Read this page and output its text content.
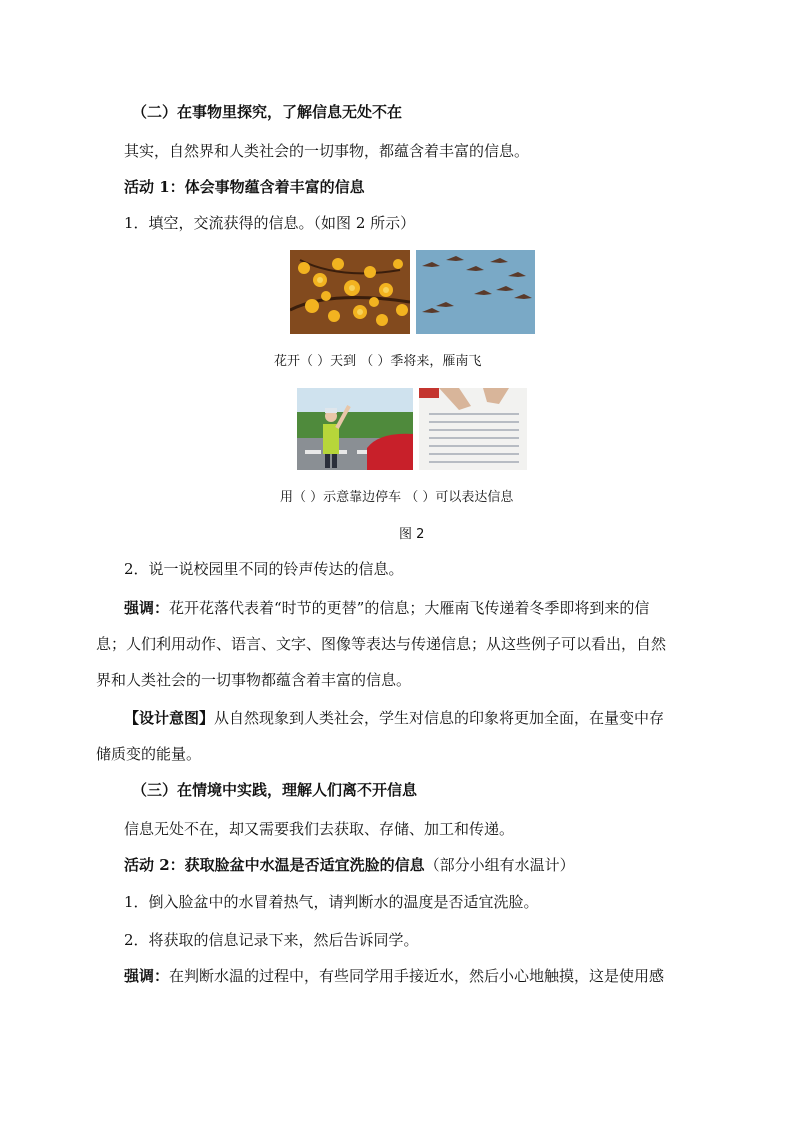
（二）在事物里探究，了解信息无处不在
其实，自然界和人类社会的一切事物，都蕴含着丰富的信息。
活动 1：体会事物蕴含着丰富的信息
1．填空，交流获得的信息。（如图 2 所示）
花开（ ）天到 （ ）季将来，雁南飞
用（ ）示意靠边停车 （ ）可以表达信息
图 2
2．说一说校园里不同的铃声传达的信息。
强调：花开花落代表着“时节的更替”的信息；大雁南飞传递着冬季即将到来的信
息；人们利用动作、语言、文字、图像等表达与传递信息；从这些例子可以看出，自然
界和人类社会的一切事物都蕴含着丰富的信息。
【设计意图】从自然现象到人类社会，学生对信息的印象将更加全面，在量变中存
储质变的能量。
（三）在情境中实践，理解人们离不开信息
信息无处不在，却又需要我们去获取、存储、加工和传递。
活动 2：获取脸盆中水温是否适宜洗脸的信息（部分小组有水温计）
1．倒入脸盆中的水冒着热气，请判断水的温度是否适宜洗脸。
2．将获取的信息记录下来，然后告诉同学。
强调：在判断水温的过程中，有些同学用手接近水，然后小心地触摸，这是使用感
